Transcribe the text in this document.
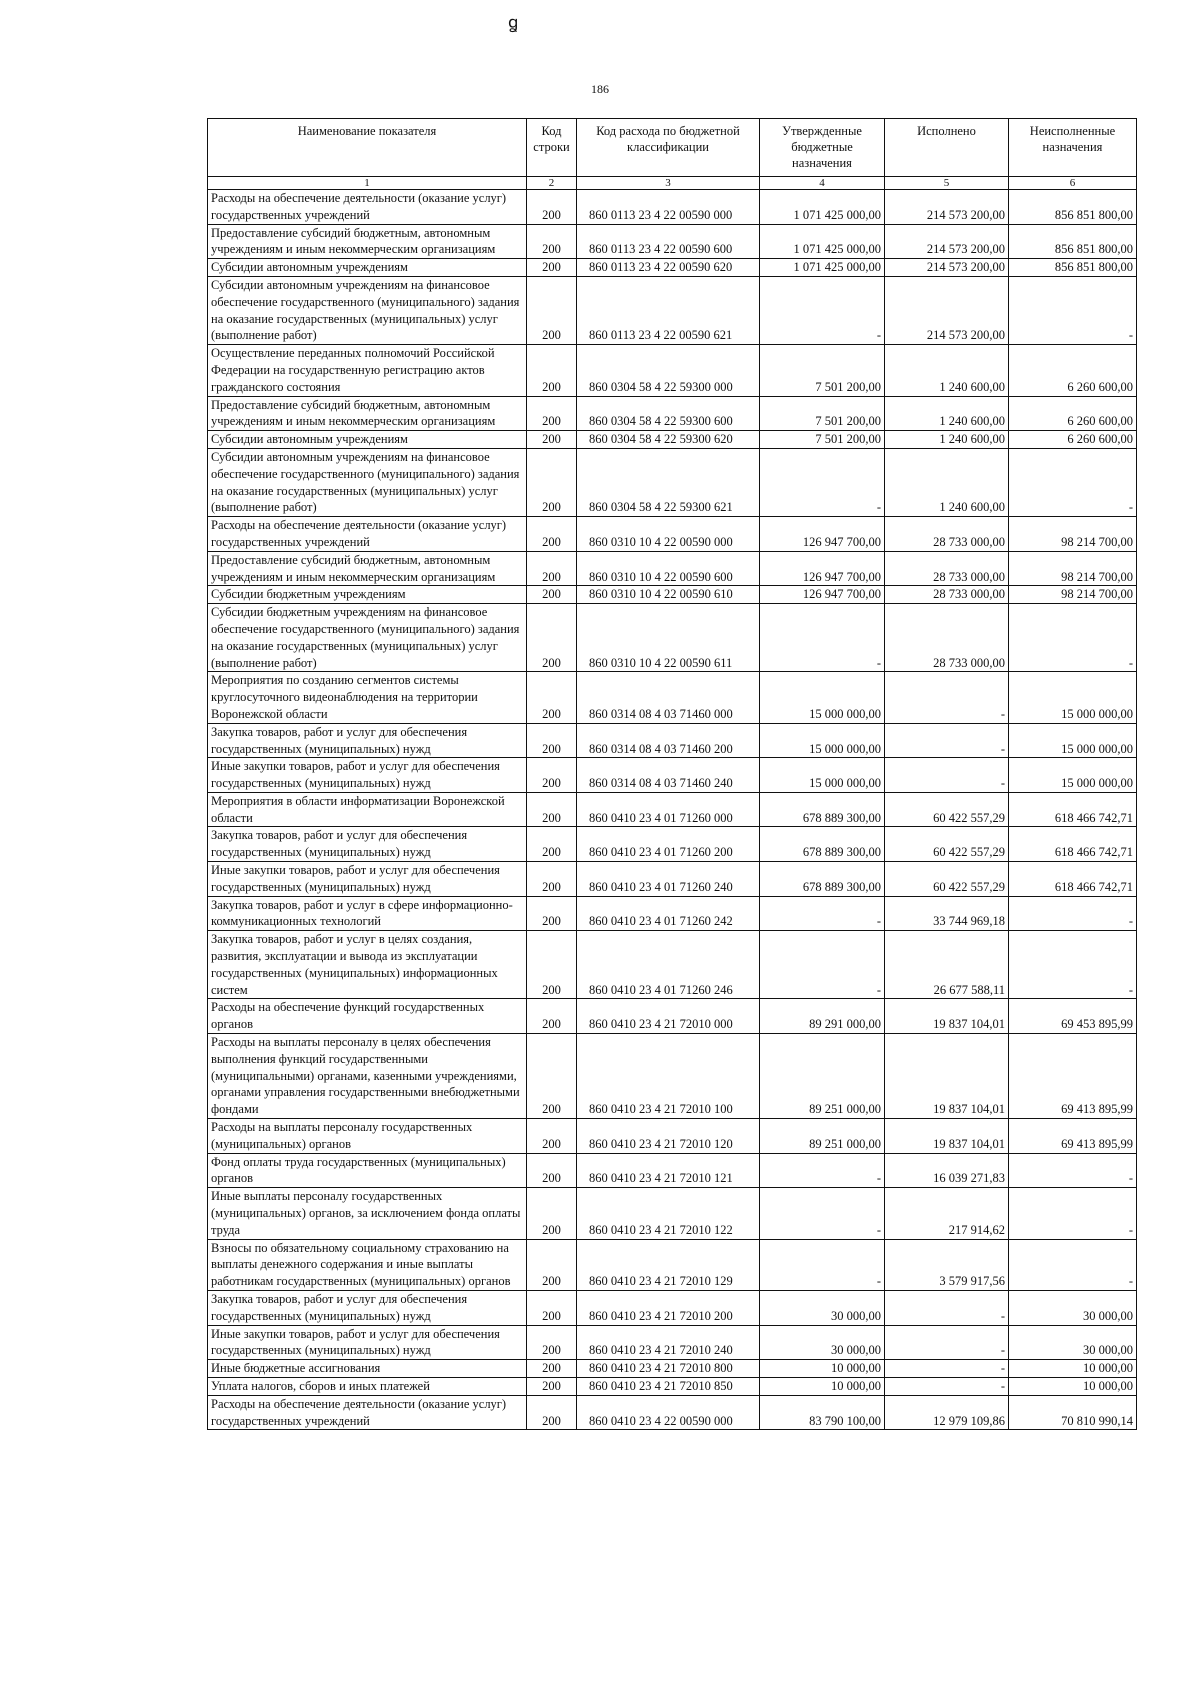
ꬶ
186
Наименование показателя	Код строки	Код расхода по бюджетной классификации	Утвержденные бюджетные назначения	Исполнено	Неисполненные назначения
1	2	3	4	5	6
Расходы на обеспечение деятельности (оказание услуг) государственных учреждений	200	860 0113 23 4 22 00590 000	1 071 425 000,00	214 573 200,00	856 851 800,00
Предоставление субсидий бюджетным, автономным учреждениям и иным некоммерческим организациям	200	860 0113 23 4 22 00590 600	1 071 425 000,00	214 573 200,00	856 851 800,00
Субсидии автономным учреждениям	200	860 0113 23 4 22 00590 620	1 071 425 000,00	214 573 200,00	856 851 800,00
Субсидии автономным учреждениям на финансовое обеспечение государственного (муниципального) задания на оказание государственных (муниципальных) услуг (выполнение работ)	200	860 0113 23 4 22 00590 621	-	214 573 200,00	-
Осуществление переданных полномочий Российской Федерации на государственную регистрацию актов гражданского состояния	200	860 0304 58 4 22 59300 000	7 501 200,00	1 240 600,00	6 260 600,00
Предоставление субсидий бюджетным, автономным учреждениям и иным некоммерческим организациям	200	860 0304 58 4 22 59300 600	7 501 200,00	1 240 600,00	6 260 600,00
Субсидии автономным учреждениям	200	860 0304 58 4 22 59300 620	7 501 200,00	1 240 600,00	6 260 600,00
Субсидии автономным учреждениям на финансовое обеспечение государственного (муниципального) задания на оказание государственных (муниципальных) услуг (выполнение работ)	200	860 0304 58 4 22 59300 621	-	1 240 600,00	-
Расходы на обеспечение деятельности (оказание услуг) государственных учреждений	200	860 0310 10 4 22 00590 000	126 947 700,00	28 733 000,00	98 214 700,00
Предоставление субсидий бюджетным, автономным учреждениям и иным некоммерческим организациям	200	860 0310 10 4 22 00590 600	126 947 700,00	28 733 000,00	98 214 700,00
Субсидии бюджетным учреждениям	200	860 0310 10 4 22 00590 610	126 947 700,00	28 733 000,00	98 214 700,00
Субсидии бюджетным учреждениям на финансовое обеспечение государственного (муниципального) задания на оказание государственных (муниципальных) услуг (выполнение работ)	200	860 0310 10 4 22 00590 611	-	28 733 000,00	-
Мероприятия по созданию сегментов системы круглосуточного видеонаблюдения на территории Воронежской области	200	860 0314 08 4 03 71460 000	15 000 000,00	-	15 000 000,00
Закупка товаров, работ и услуг для обеспечения государственных (муниципальных) нужд	200	860 0314 08 4 03 71460 200	15 000 000,00	-	15 000 000,00
Иные закупки товаров, работ и услуг для обеспечения государственных (муниципальных) нужд	200	860 0314 08 4 03 71460 240	15 000 000,00	-	15 000 000,00
Мероприятия в области информатизации Воронежской области	200	860 0410 23 4 01 71260 000	678 889 300,00	60 422 557,29	618 466 742,71
Закупка товаров, работ и услуг для обеспечения государственных (муниципальных) нужд	200	860 0410 23 4 01 71260 200	678 889 300,00	60 422 557,29	618 466 742,71
Иные закупки товаров, работ и услуг для обеспечения государственных (муниципальных) нужд	200	860 0410 23 4 01 71260 240	678 889 300,00	60 422 557,29	618 466 742,71
Закупка товаров, работ и услуг в сфере информационно-коммуникационных технологий	200	860 0410 23 4 01 71260 242	-	33 744 969,18	-
Закупка товаров, работ и услуг в целях создания, развития, эксплуатации и вывода из эксплуатации государственных (муниципальных) информационных систем	200	860 0410 23 4 01 71260 246	-	26 677 588,11	-
Расходы на обеспечение функций государственных органов	200	860 0410 23 4 21 72010 000	89 291 000,00	19 837 104,01	69 453 895,99
Расходы на выплаты персоналу в целях обеспечения выполнения функций государственными (муниципальными) органами, казенными учреждениями, органами управления государственными внебюджетными фондами	200	860 0410 23 4 21 72010 100	89 251 000,00	19 837 104,01	69 413 895,99
Расходы на выплаты персоналу государственных (муниципальных) органов	200	860 0410 23 4 21 72010 120	89 251 000,00	19 837 104,01	69 413 895,99
Фонд оплаты труда государственных (муниципальных) органов	200	860 0410 23 4 21 72010 121	-	16 039 271,83	-
Иные выплаты персоналу государственных (муниципальных) органов, за исключением фонда оплаты труда	200	860 0410 23 4 21 72010 122	-	217 914,62	-
Взносы по обязательному социальному страхованию на выплаты денежного содержания и иные выплаты работникам государственных (муниципальных) органов	200	860 0410 23 4 21 72010 129	-	3 579 917,56	-
Закупка товаров, работ и услуг для обеспечения государственных (муниципальных) нужд	200	860 0410 23 4 21 72010 200	30 000,00	-	30 000,00
Иные закупки товаров, работ и услуг для обеспечения государственных (муниципальных) нужд	200	860 0410 23 4 21 72010 240	30 000,00	-	30 000,00
Иные бюджетные ассигнования	200	860 0410 23 4 21 72010 800	10 000,00	-	10 000,00
Уплата налогов, сборов и иных платежей	200	860 0410 23 4 21 72010 850	10 000,00	-	10 000,00
Расходы на обеспечение деятельности (оказание услуг) государственных учреждений	200	860 0410 23 4 22 00590 000	83 790 100,00	12 979 109,86	70 810 990,14
